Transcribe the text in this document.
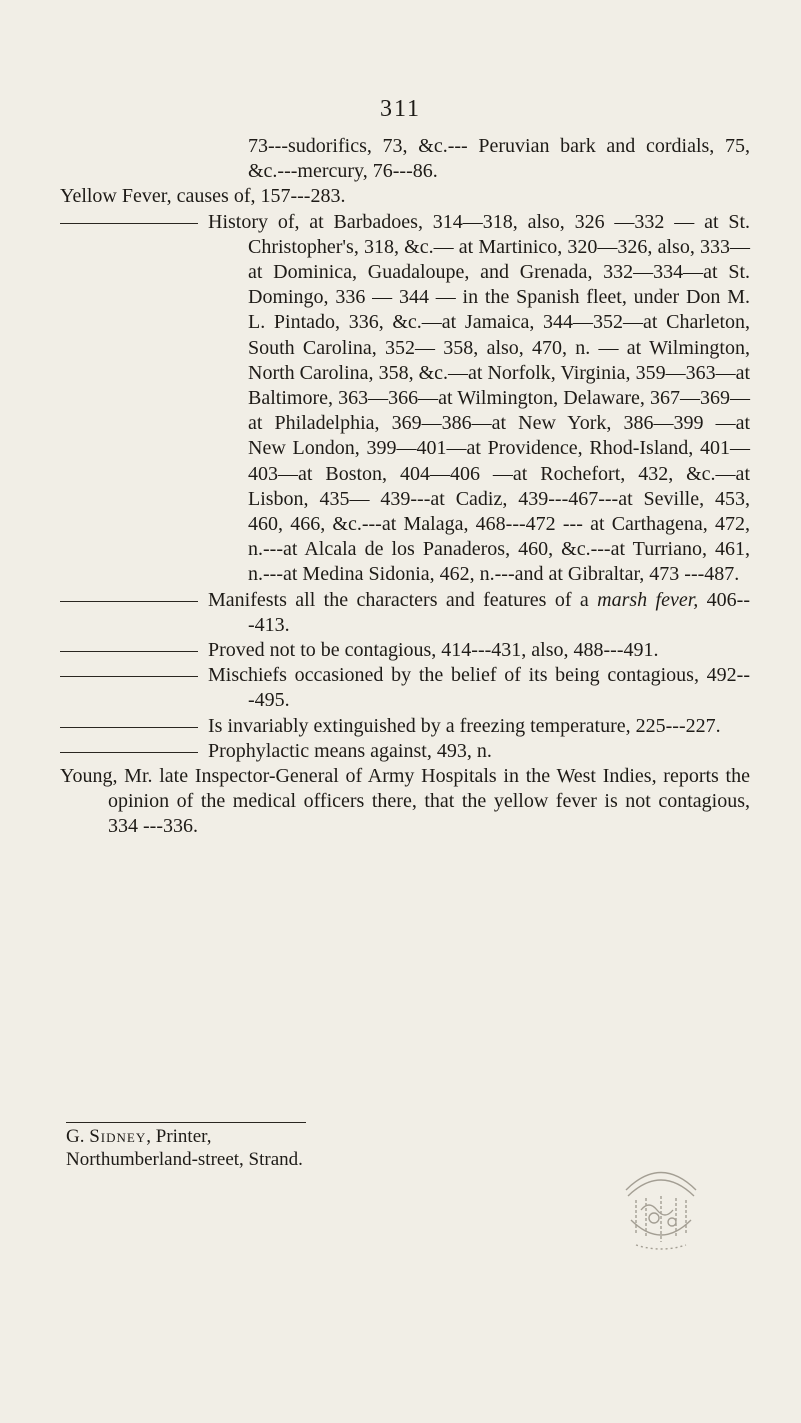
311

73---sudorifics, 73, &c.--- Peruvian bark and cordials, 75, &c.---mercury, 76---86.

Yellow Fever, causes of, 157---283.

History of, at Barbadoes, 314—318, also, 326 —332 — at St. Christopher's, 318, &c.— at Martinico, 320—326, also, 333—at Dominica, Guadaloupe, and Grenada, 332—334—at St. Domingo, 336 — 344 — in the Spanish fleet, under Don M. L. Pintado, 336, &c.—at Jamaica, 344—352—at Charleton, South Carolina, 352— 358, also, 470, n. — at Wilmington, North Carolina, 358, &c.—at Norfolk, Virginia, 359—363—at Baltimore, 363—366—at Wilmington, Delaware, 367—369—at Philadelphia, 369—386—at New York, 386—399 —at New London, 399—401—at Providence, Rhod-Island, 401—403—at Boston, 404—406 —at Rochefort, 432, &c.—at Lisbon, 435— 439---at Cadiz, 439---467---at Seville, 453, 460, 466, &c.---at Malaga, 468---472 --- at Carthagena, 472, n.---at Alcala de los Panaderos, 460, &c.---at Turriano, 461, n.---at Medina Sidonia, 462, n.---and at Gibraltar, 473 ---487.

Manifests all the characters and features of a marsh fever, 406---413.

Proved not to be contagious, 414---431, also, 488---491.

Mischiefs occasioned by the belief of its being contagious, 492---495.

Is invariably extinguished by a freezing temperature, 225---227.

Prophylactic means against, 493, n.

Young, Mr. late Inspector-General of Army Hospitals in the West Indies, reports the opinion of the medical officers there, that the yellow fever is not contagious, 334 ---336.

G. Sidney, Printer,
Northumberland-street, Strand.
